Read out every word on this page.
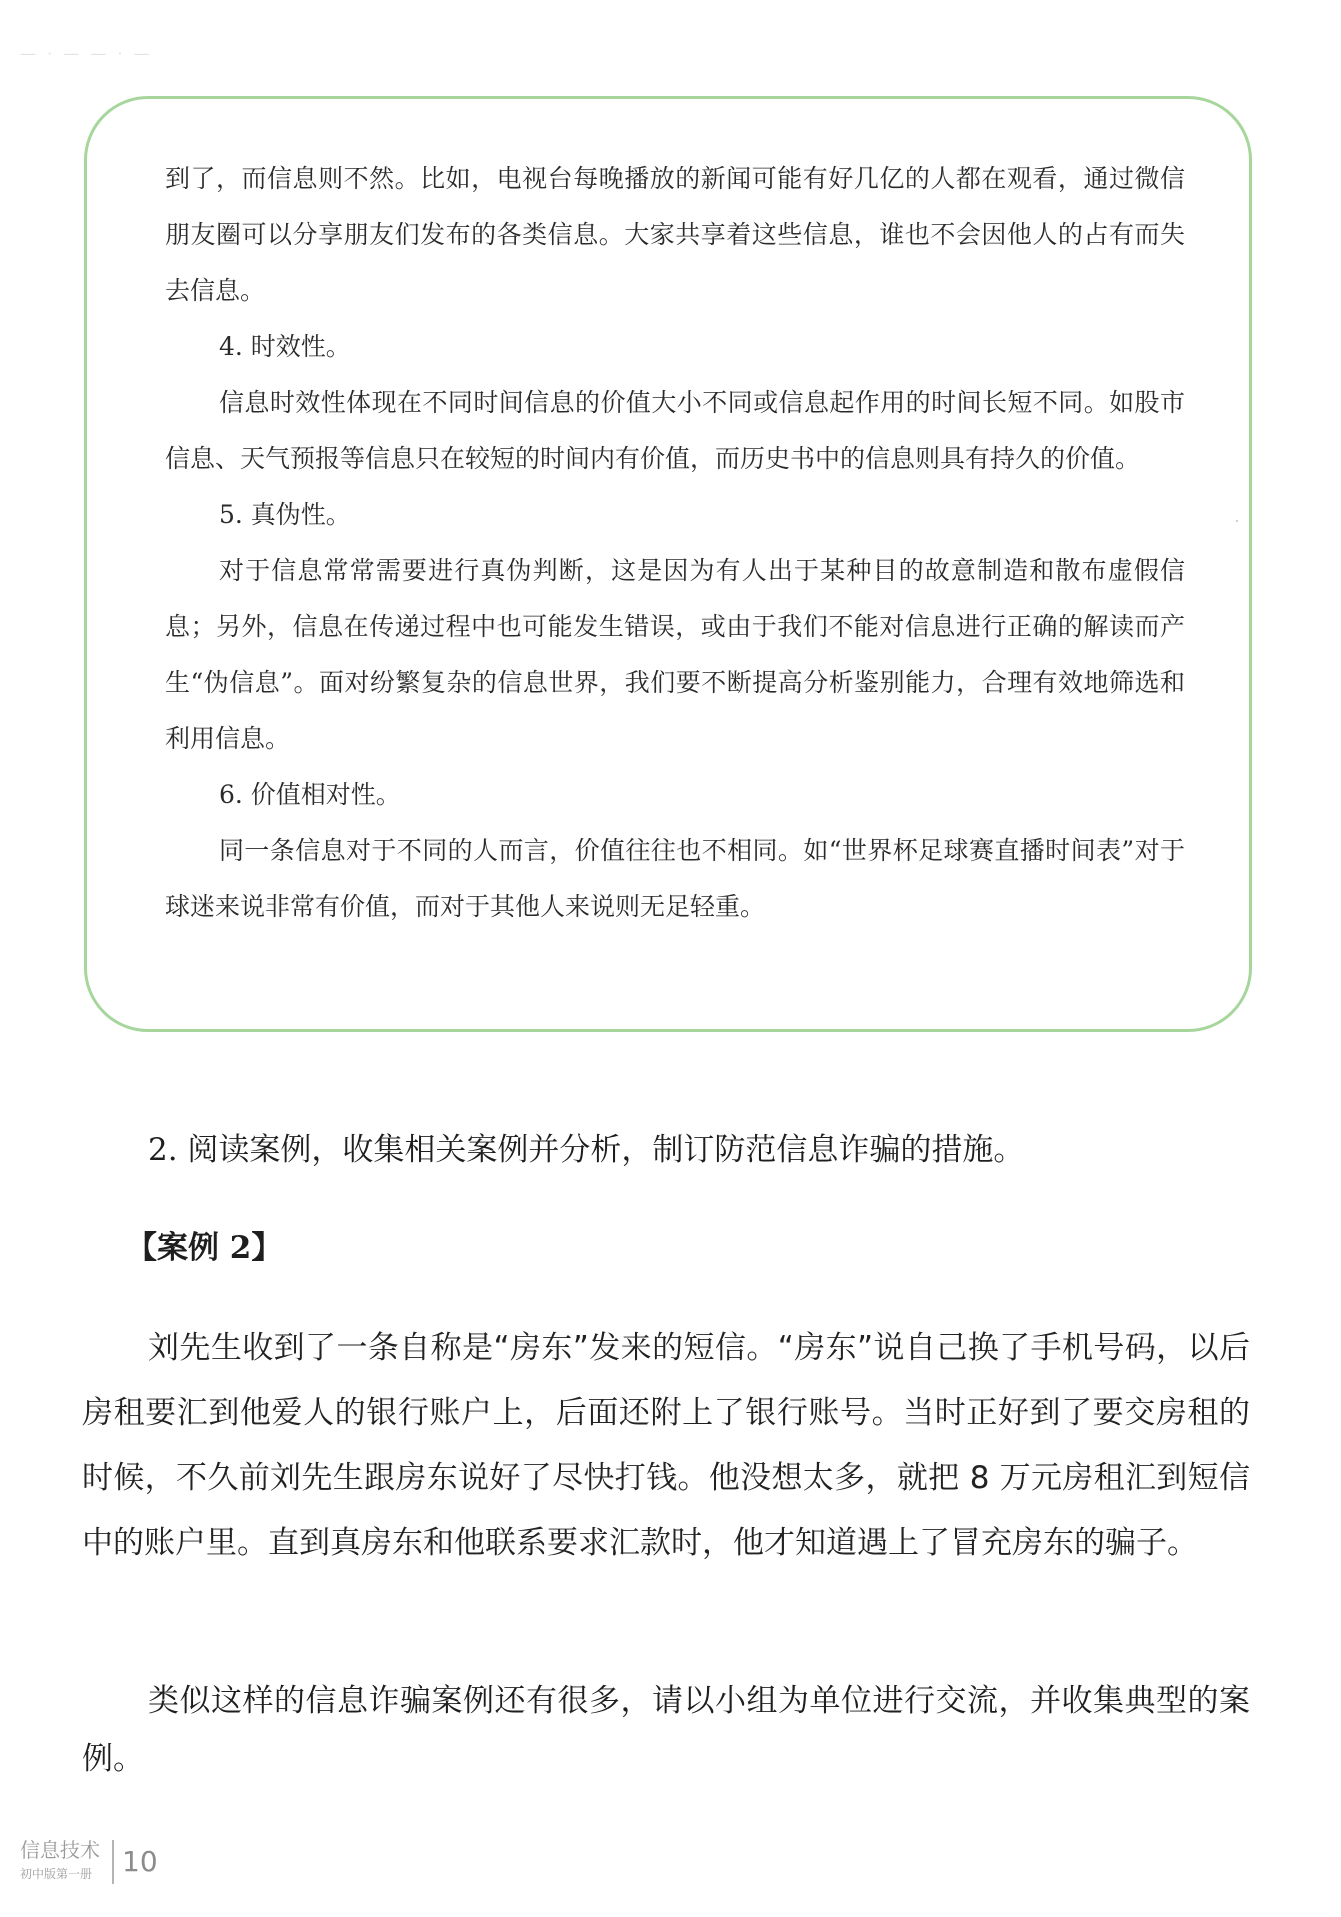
— · — — · —

到了，而信息则不然。比如，电视台每晚播放的新闻可能有好几亿的人都在观看，通过微信朋友圈可以分享朋友们发布的各类信息。大家共享着这些信息，谁也不会因他人的占有而失去信息。

4. 时效性。

信息时效性体现在不同时间信息的价值大小不同或信息起作用的时间长短不同。如股市信息、天气预报等信息只在较短的时间内有价值，而历史书中的信息则具有持久的价值。

5. 真伪性。

对于信息常常需要进行真伪判断，这是因为有人出于某种目的故意制造和散布虚假信息；另外，信息在传递过程中也可能发生错误，或由于我们不能对信息进行正确的解读而产生“伪信息”。面对纷繁复杂的信息世界，我们要不断提高分析鉴别能力，合理有效地筛选和利用信息。

6. 价值相对性。

同一条信息对于不同的人而言，价值往往也不相同。如“世界杯足球赛直播时间表”对于球迷来说非常有价值，而对于其他人来说则无足轻重。

2. 阅读案例，收集相关案例并分析，制订防范信息诈骗的措施。

【案例 2】

刘先生收到了一条自称是“房东”发来的短信。“房东”说自己换了手机号码，以后房租要汇到他爱人的银行账户上，后面还附上了银行账号。当时正好到了要交房租的时候，不久前刘先生跟房东说好了尽快打钱。他没想太多，就把 8 万元房租汇到短信中的账户里。直到真房东和他联系要求汇款时，他才知道遇上了冒充房东的骗子。

类似这样的信息诈骗案例还有很多，请以小组为单位进行交流，并收集典型的案例。

信息技术
初中版第一册 10
